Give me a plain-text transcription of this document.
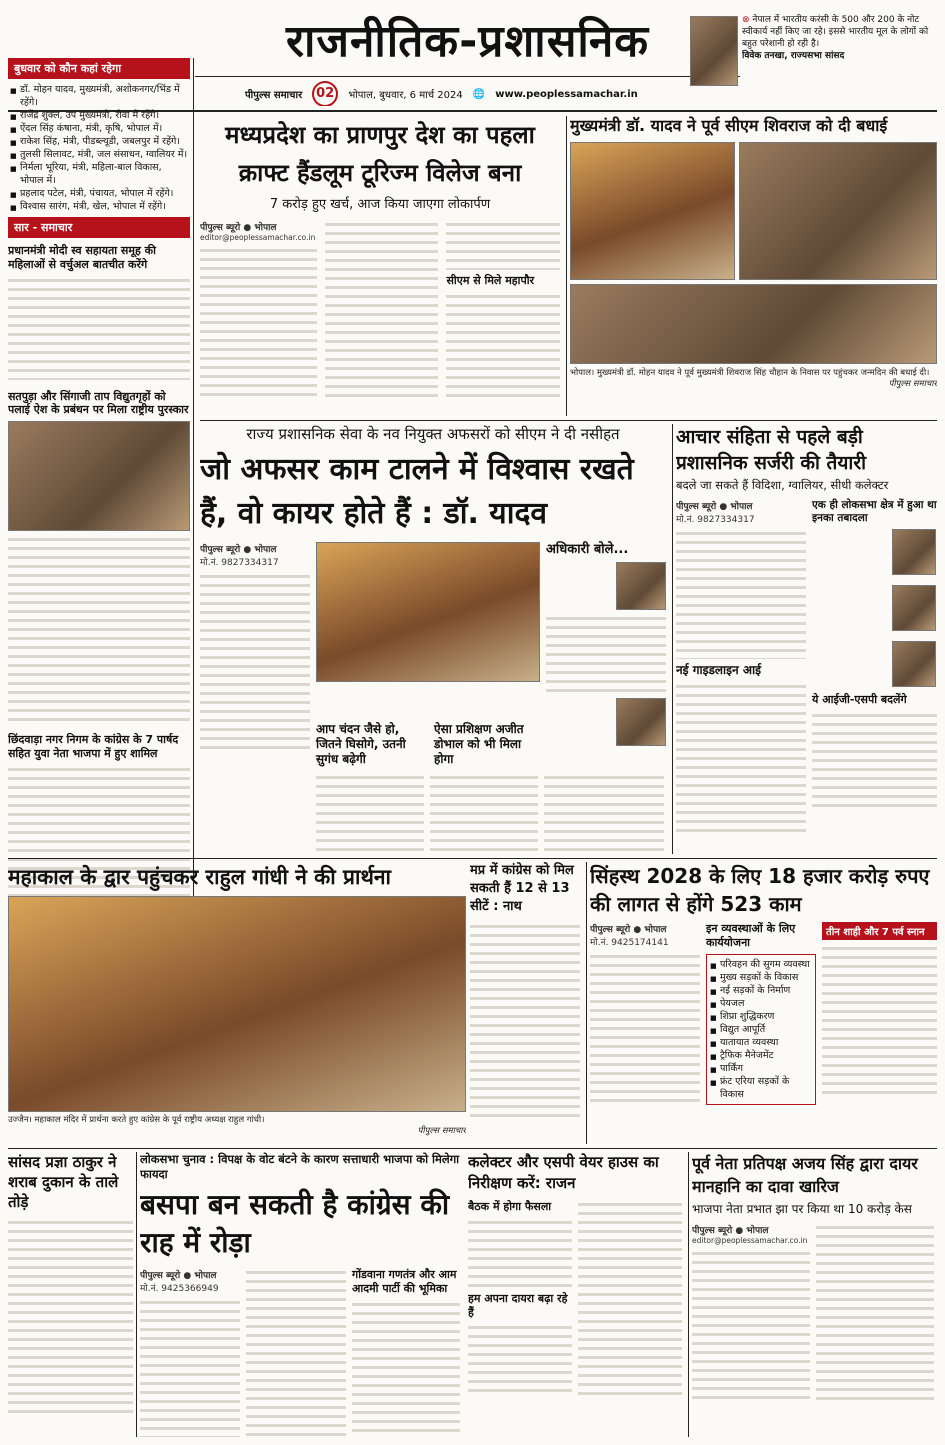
राजनीतिक-प्रशासनिक
पीपुल्स समाचार	02	भोपाल, बुधवार, 6 मार्च 2024 🌐 www.peoplessamachar.in
⊗ नेपाल में भारतीय करंसी के 500 और 200 के नोट स्वीकार्य नहीं किए जा रहे। इससे भारतीय मूल के लोगों को बहुत परेशानी हो रही है।
विवेक तनखा, राज्यसभा सांसद
बुधवार को कौन कहां रहेगा
■ डॉ. मोहन यादव, मुख्यमंत्री, अशोकनगर/भिंड में रहेंगे।
■ राजेंद्र शुक्ल, उप मुख्यमंत्री, रीवा में रहेंगे।
■ ऐंदल सिंह कंषाना, मंत्री, कृषि, भोपाल में।
■ राकेश सिंह, मंत्री, पीडब्ल्यूडी, जबलपुर में रहेंगे।
■ तुलसी सिलावट, मंत्री, जल संसाधन, ग्वालियर में।
■ निर्मला भूरिया, मंत्री, महिला-बाल विकास, भोपाल में।
■ प्रहलाद पटेल, मंत्री, पंचायत, भोपाल में रहेंगे।
■ विश्वास सारंग, मंत्री, खेल, भोपाल में रहेंगे।
सार - समाचार
प्रधानमंत्री मोदी स्व सहायता समूह की महिलाओं से वर्चुअल बातचीत करेंगे
सतपुड़ा और सिंगाजी ताप विद्युतगृहों को पलाई ऐश के प्रबंधन पर मिला राष्ट्रीय पुरस्कार
छिंदवाड़ा नगर निगम के कांग्रेस के 7 पार्षद सहित युवा नेता भाजपा में हुए शामिल
मध्यप्रदेश का प्राणपुर देश का पहला क्राफ्ट हैंडलूम टूरिज्म विलेज बना
7 करोड़ हुए खर्च, आज किया जाएगा लोकार्पण
पीपुल्स ब्यूरो ● भोपाल
editor@peoplessamachar.co.in
सीएम से मिले महापौर
मुख्यमंत्री डॉ. यादव ने पूर्व सीएम शिवराज को दी बधाई
भोपाल। मुख्यमंत्री डॉ. मोहन यादव ने पूर्व मुख्यमंत्री शिवराज सिंह चौहान के निवास पर पहुंचकर जन्मदिन की बधाई दी।
पीपुल्स समाचार
राज्य प्रशासनिक सेवा के नव नियुक्त अफसरों को सीएम ने दी नसीहत
जो अफसर काम टालने में विश्वास रखते हैं, वो कायर होते हैं : डॉ. यादव
पीपुल्स ब्यूरो ● भोपाल
मो.नं. 9827334317
अधिकारी बोले...
आप चंदन जैसे हो, जितने घिसोगे, उतनी सुगंध बढ़ेगी
ऐसा प्रशिक्षण अजीत डोभाल को भी मिला होगा
आचार संहिता से पहले बड़ी प्रशासनिक सर्जरी की तैयारी
बदले जा सकते हैं विदिशा, ग्वालियर, सीधी कलेक्टर
पीपुल्स ब्यूरो ● भोपाल
मो.नं. 9827334317
नई गाइडलाइन आई
एक ही लोकसभा क्षेत्र में हुआ था इनका तबादला
ये आईजी-एसपी बदलेंगे
महाकाल के द्वार पहुंचकर राहुल गांधी ने की प्रार्थना
उज्जैन। महाकाल मंदिर में प्रार्थना करते हुए कांग्रेस के पूर्व राष्ट्रीय अध्यक्ष राहुल गांधी।
पीपुल्स समाचार
मप्र में कांग्रेस को मिल सकती हैं 12 से 13 सीटें : नाथ
सिंहस्थ 2028 के लिए 18 हजार करोड़ रुपए की लागत से होंगे 523 काम
पीपुल्स ब्यूरो ● भोपाल
मो.नं. 9425174141
इन व्यवस्थाओं के लिए कार्ययोजना
■ परिवहन की सुगम व्यवस्था
■ मुख्य सड़कों के विकास
■ नई सड़कों के निर्माण
■ पेयजल
■ शिप्रा शुद्धिकरण
■ विद्युत आपूर्ति
■ यातायात व्यवस्था
■ ट्रैफिक मैनेजमेंट
■ पार्किंग
■ फ्रंट एरिया सड़कों के विकास
तीन शाही और 7 पर्व स्नान
सांसद प्रज्ञा ठाकुर ने शराब दुकान के ताले तोड़े
लोकसभा चुनाव : विपक्ष के वोट बंटने के कारण सत्ताधारी भाजपा को मिलेगा फायदा
बसपा बन सकती है कांग्रेस की राह में रोड़ा
पीपुल्स ब्यूरो ● भोपाल
मो.नं. 9425366949
गोंडवाना गणतंत्र और आम आदमी पार्टी की भूमिका
कलेक्टर और एसपी वेयर हाउस का निरीक्षण करें: राजन
बैठक में होगा फैसला
हम अपना दायरा बढ़ा रहे हैं
पूर्व नेता प्रतिपक्ष अजय सिंह द्वारा दायर मानहानि का दावा खारिज
भाजपा नेता प्रभात झा पर किया था 10 करोड़ केस
पीपुल्स ब्यूरो ● भोपाल
editor@peoplessamachar.co.in
